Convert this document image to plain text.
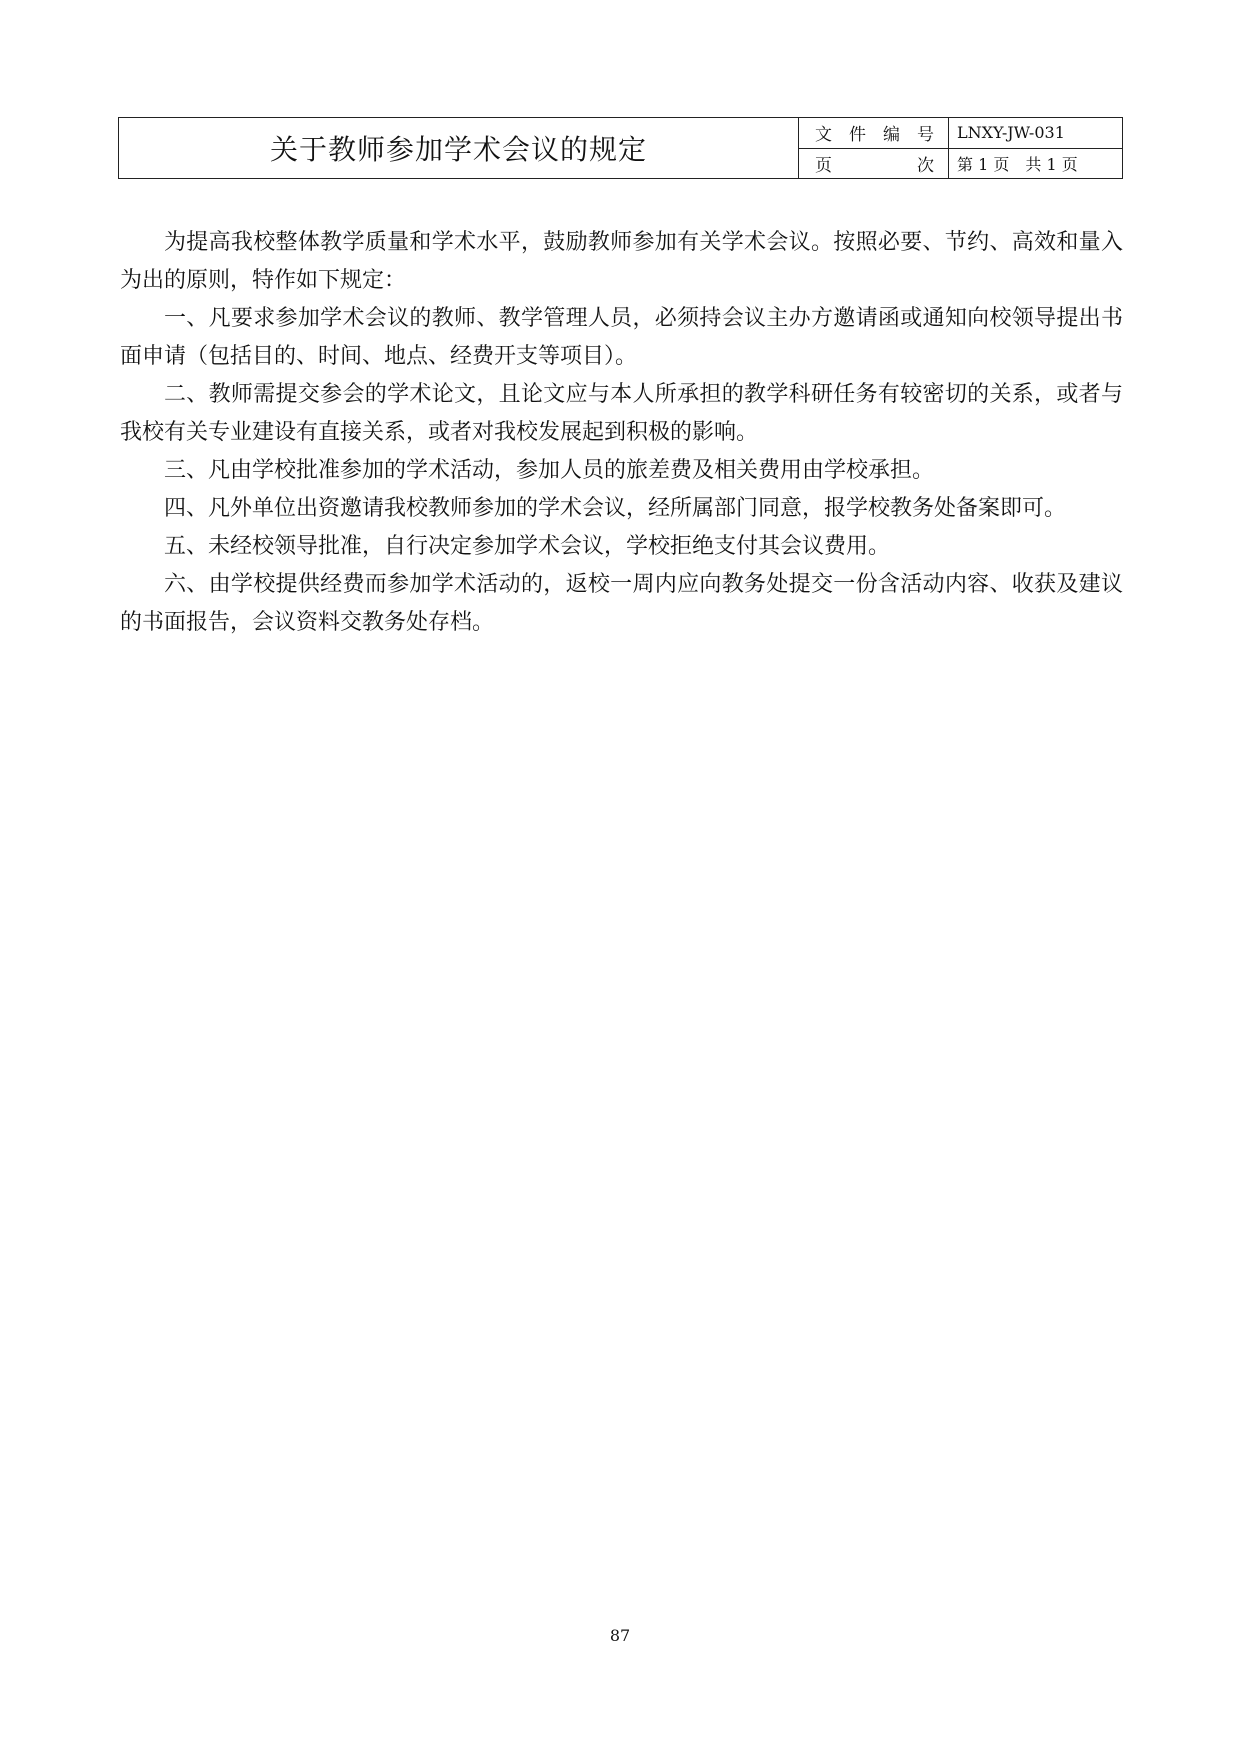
关于教师参加学术会议的规定	文 件 编 号	LNXY-JW-031
页	次	第 1 页　共 1 页

为提高我校整体教学质量和学术水平，鼓励教师参加有关学术会议。按照必要、节约、高效和量入为出的原则，特作如下规定：

一、凡要求参加学术会议的教师、教学管理人员，必须持会议主办方邀请函或通知向校领导提出书面申请（包括目的、时间、地点、经费开支等项目）。

二、教师需提交参会的学术论文，且论文应与本人所承担的教学科研任务有较密切的关系，或者与我校有关专业建设有直接关系，或者对我校发展起到积极的影响。

三、凡由学校批准参加的学术活动，参加人员的旅差费及相关费用由学校承担。

四、凡外单位出资邀请我校教师参加的学术会议，经所属部门同意，报学校教务处备案即可。

五、未经校领导批准，自行决定参加学术会议，学校拒绝支付其会议费用。

六、由学校提供经费而参加学术活动的，返校一周内应向教务处提交一份含活动内容、收获及建议的书面报告，会议资料交教务处存档。

87
